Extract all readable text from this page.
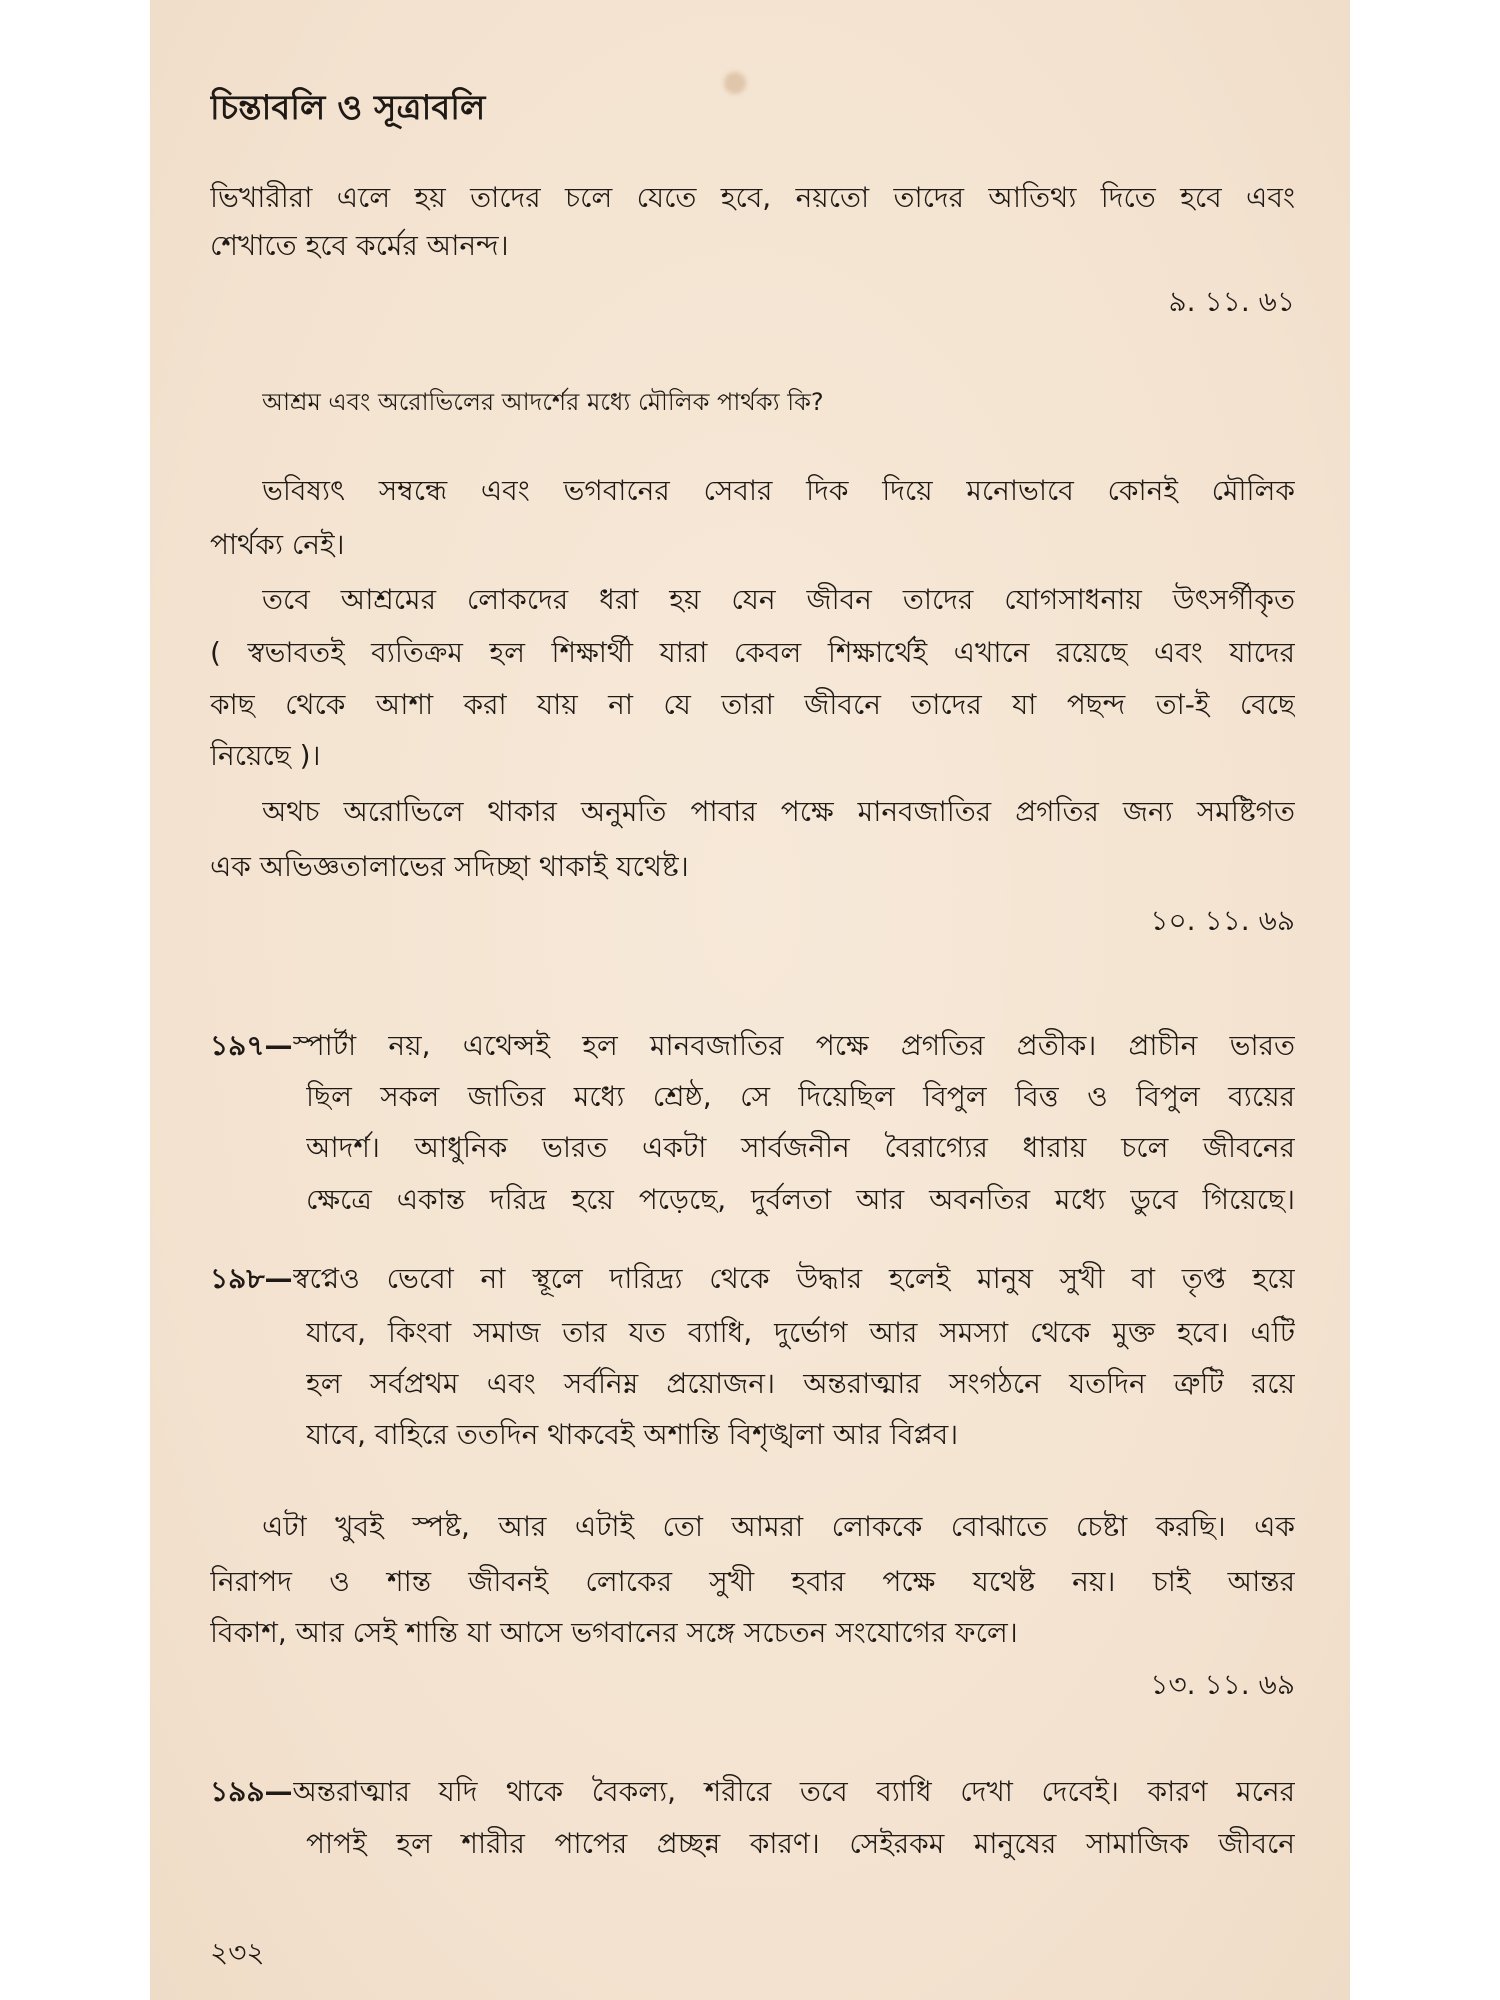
চিন্তাবলি ও সূত্রাবলি
ভিখারীরা এলে হয় তাদের চলে যেতে হবে, নয়তো তাদের আতিথ্য দিতে হবে এবং
শেখাতে হবে কর্মের আনন্দ।
৯. ১১. ৬১
আশ্রম এবং অরোভিলের আদর্শের মধ্যে মৌলিক পার্থক্য কি?
ভবিষ্যৎ সম্বন্ধে এবং ভগবানের সেবার দিক দিয়ে মনোভাবে কোনই মৌলিক
পার্থক্য নেই।
তবে আশ্রমের লোকদের ধরা হয় যেন জীবন তাদের যোগসাধনায় উৎসর্গীকৃত
( স্বভাবতই ব্যতিক্রম হল শিক্ষার্থী যারা কেবল শিক্ষার্থেই এখানে রয়েছে এবং যাদের
কাছ থেকে আশা করা যায় না যে তারা জীবনে তাদের যা পছন্দ তা-ই বেছে
নিয়েছে )।
অথচ অরোভিলে থাকার অনুমতি পাবার পক্ষে মানবজাতির প্রগতির জন্য সমষ্টিগত
এক অভিজ্ঞতালাভের সদিচ্ছা থাকাই যথেষ্ট।
১০. ১১. ৬৯
১৯৭— স্পার্টা নয়, এথেন্সই হল মানবজাতির পক্ষে প্রগতির প্রতীক। প্রাচীন ভারত
ছিল সকল জাতির মধ্যে শ্রেষ্ঠ, সে দিয়েছিল বিপুল বিত্ত ও বিপুল ব্যয়ের
আদর্শ। আধুনিক ভারত একটা সার্বজনীন বৈরাগ্যের ধারায় চলে জীবনের
ক্ষেত্রে একান্ত দরিদ্র হয়ে পড়েছে, দুর্বলতা আর অবনতির মধ্যে ডুবে গিয়েছে।
১৯৮— স্বপ্নেও ভেবো না স্থূলে দারিদ্র্য থেকে উদ্ধার হলেই মানুষ সুখী বা তৃপ্ত হয়ে
যাবে, কিংবা সমাজ তার যত ব্যাধি, দুর্ভোগ আর সমস্যা থেকে মুক্ত হবে। এটি
হল সর্বপ্রথম এবং সর্বনিম্ন প্রয়োজন। অন্তরাত্মার সংগঠনে যতদিন ত্রুটি রয়ে
যাবে, বাহিরে ততদিন থাকবেই অশান্তি বিশৃঙ্খলা আর বিপ্লব।
এটা খুবই স্পষ্ট, আর এটাই তো আমরা লোককে বোঝাতে চেষ্টা করছি। এক
নিরাপদ ও শান্ত জীবনই লোকের সুখী হবার পক্ষে যথেষ্ট নয়। চাই আন্তর
বিকাশ, আর সেই শান্তি যা আসে ভগবানের সঙ্গে সচেতন সংযোগের ফলে।
১৩. ১১. ৬৯
১৯৯— অন্তরাত্মার যদি থাকে বৈকল্য, শরীরে তবে ব্যাধি দেখা দেবেই। কারণ মনের
পাপই হল শারীর পাপের প্রচ্ছন্ন কারণ। সেইরকম মানুষের সামাজিক জীবনে
২৩২
